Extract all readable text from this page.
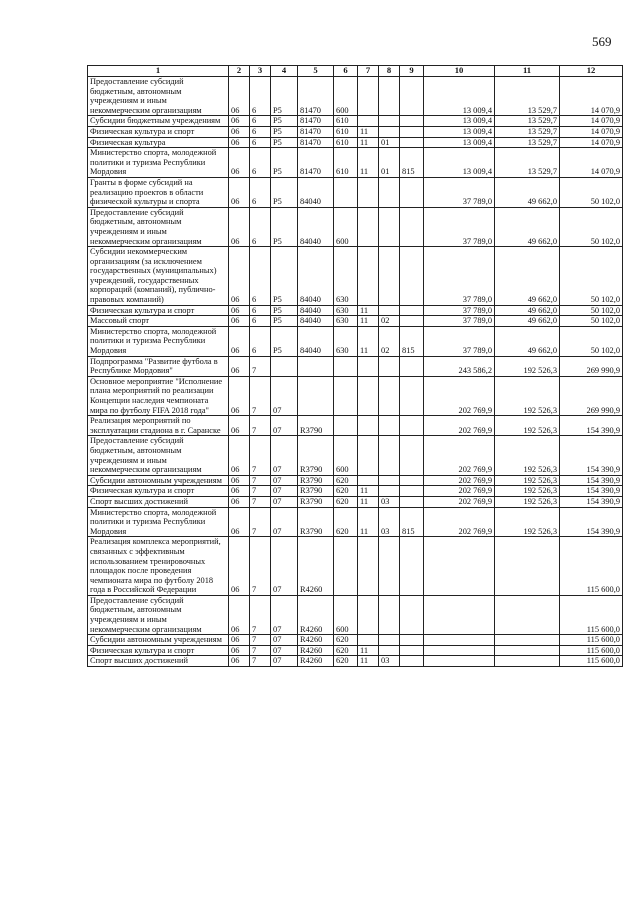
569
1	2	3	4	5	6	7	8	9	10	11	12
Предоставление субсидий бюджетным, автономным учреждениям и иным некоммерческим организациям	06	6	P5	81470	600				13 009,4	13 529,7	14 070,9
Субсидии бюджетным учреждениям	06	6	P5	81470	610				13 009,4	13 529,7	14 070,9
Физическая культура и спорт	06	6	P5	81470	610	11			13 009,4	13 529,7	14 070,9
Физическая культура	06	6	P5	81470	610	11	01		13 009,4	13 529,7	14 070,9
Министерство спорта, молодежной политики и туризма Республики Мордовия	06	6	P5	81470	610	11	01	815	13 009,4	13 529,7	14 070,9
Гранты в форме субсидий на реализацию проектов в области физической культуры и спорта	06	6	P5	84040					37 789,0	49 662,0	50 102,0
Предоставление субсидий бюджетным, автономным учреждениям и иным некоммерческим организациям	06	6	P5	84040	600				37 789,0	49 662,0	50 102,0
Субсидии некоммерческим организациям (за исключением государственных (муниципальных) учреждений, государственных корпораций (компаний), публично-правовых компаний)	06	6	P5	84040	630				37 789,0	49 662,0	50 102,0
Физическая культура и спорт	06	6	P5	84040	630	11			37 789,0	49 662,0	50 102,0
Массовый спорт	06	6	P5	84040	630	11	02		37 789,0	49 662,0	50 102,0
Министерство спорта, молодежной политики и туризма Республики Мордовия	06	6	P5	84040	630	11	02	815	37 789,0	49 662,0	50 102,0
Подпрограмма "Развитие футбола в Республике Мордовия"	06	7							243 586,2	192 526,3	269 990,9
Основное мероприятие "Исполнение плана мероприятий по реализации Концепции наследия чемпионата мира по футболу FIFA 2018 года"	06	7	07						202 769,9	192 526,3	269 990,9
Реализация мероприятий по эксплуатации стадиона в г. Саранске	06	7	07	R3790					202 769,9	192 526,3	154 390,9
Предоставление субсидий бюджетным, автономным учреждениям и иным некоммерческим организациям	06	7	07	R3790	600				202 769,9	192 526,3	154 390,9
Субсидии автономным учреждениям	06	7	07	R3790	620				202 769,9	192 526,3	154 390,9
Физическая культура и спорт	06	7	07	R3790	620	11			202 769,9	192 526,3	154 390,9
Спорт высших достижений	06	7	07	R3790	620	11	03		202 769,9	192 526,3	154 390,9
Министерство спорта, молодежной политики и туризма Республики Мордовия	06	7	07	R3790	620	11	03	815	202 769,9	192 526,3	154 390,9
Реализация комплекса мероприятий, связанных с эффективным использованием тренировочных площадок после проведения чемпионата мира по футболу 2018 года в Российской Федерации	06	7	07	R4260							115 600,0
Предоставление субсидий бюджетным, автономным учреждениям и иным некоммерческим организациям	06	7	07	R4260	600						115 600,0
Субсидии автономным учреждениям	06	7	07	R4260	620						115 600,0
Физическая культура и спорт	06	7	07	R4260	620	11					115 600,0
Спорт высших достижений	06	7	07	R4260	620	11	03				115 600,0
